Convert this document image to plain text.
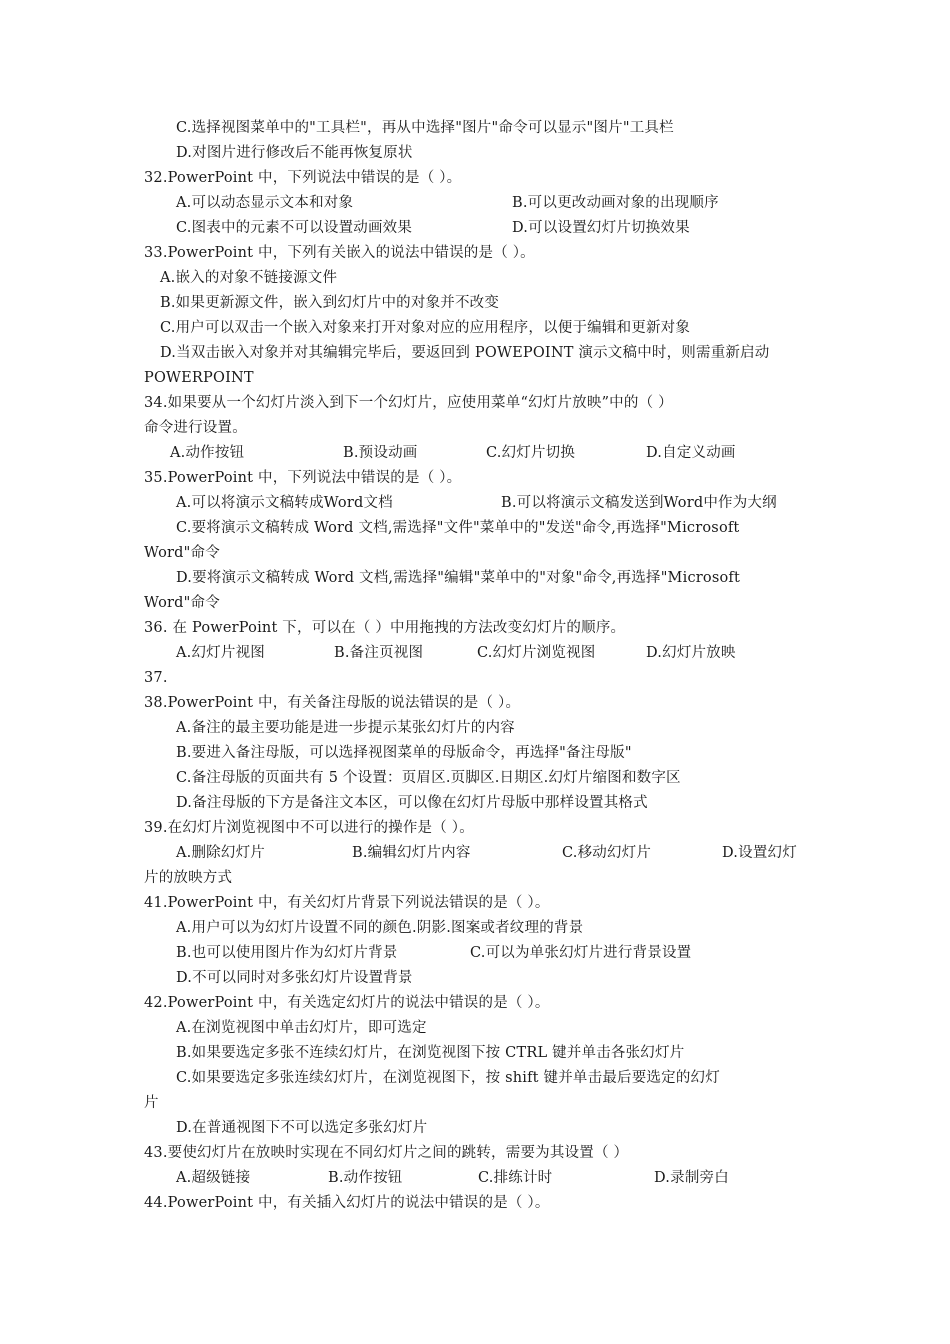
C.选择视图菜单中的"工具栏"，再从中选择"图片"命令可以显示"图片"工具栏
D.对图片进行修改后不能再恢复原状
32.PowerPoint 中，下列说法中错误的是（ ）。
A.可以动态显示文本和对象	B.可以更改动画对象的出现顺序
C.图表中的元素不可以设置动画效果	D.可以设置幻灯片切换效果
33.PowerPoint 中，下列有关嵌入的说法中错误的是（ ）。
A.嵌入的对象不链接源文件
B.如果更新源文件，嵌入到幻灯片中的对象并不改变
C.用户可以双击一个嵌入对象来打开对象对应的应用程序，以便于编辑和更新对象
D.当双击嵌入对象并对其编辑完毕后，要返回到 POWEPOINT 演示文稿中时，则需重新启动
POWERPOINT
34.如果要从一个幻灯片淡入到下一个幻灯片，应使用菜单“幻灯片放映”中的（ ）
命令进行设置。
A.动作按钮	B.预设动画	C.幻灯片切换	D.自定义动画
35.PowerPoint 中，下列说法中错误的是（ ）。
A.可以将演示文稿转成Word文档	B.可以将演示文稿发送到Word中作为大纲
C.要将演示文稿转成 Word 文档,需选择"文件"菜单中的"发送"命令,再选择"Microsoft
Word"命令
D.要将演示文稿转成 Word 文档,需选择"编辑"菜单中的"对象"命令,再选择"Microsoft
Word"命令
36. 在 PowerPoint 下，可以在（ ）中用拖拽的方法改变幻灯片的顺序。
A.幻灯片视图	B.备注页视图	C.幻灯片浏览视图	D.幻灯片放映
37.
38.PowerPoint 中，有关备注母版的说法错误的是（ ）。
A.备注的最主要功能是进一步提示某张幻灯片的内容
B.要进入备注母版，可以选择视图菜单的母版命令，再选择"备注母版"
C.备注母版的页面共有 5 个设置：页眉区.页脚区.日期区.幻灯片缩图和数字区
D.备注母版的下方是备注文本区，可以像在幻灯片母版中那样设置其格式
39.在幻灯片浏览视图中不可以进行的操作是（ ）。
A.删除幻灯片	B.编辑幻灯片内容	C.移动幻灯片	D.设置幻灯
片的放映方式
41.PowerPoint 中，有关幻灯片背景下列说法错误的是（ ）。
A.用户可以为幻灯片设置不同的颜色.阴影.图案或者纹理的背景
B.也可以使用图片作为幻灯片背景	C.可以为单张幻灯片进行背景设置
D.不可以同时对多张幻灯片设置背景
42.PowerPoint 中，有关选定幻灯片的说法中错误的是（ ）。
A.在浏览视图中单击幻灯片，即可选定
B.如果要选定多张不连续幻灯片，在浏览视图下按 CTRL 键并单击各张幻灯片
C.如果要选定多张连续幻灯片，在浏览视图下，按 shift 键并单击最后要选定的幻灯
片
D.在普通视图下不可以选定多张幻灯片
43.要使幻灯片在放映时实现在不同幻灯片之间的跳转，需要为其设置（ ）
A.超级链接	B.动作按钮	C.排练计时	D.录制旁白
44.PowerPoint 中，有关插入幻灯片的说法中错误的是（ ）。
